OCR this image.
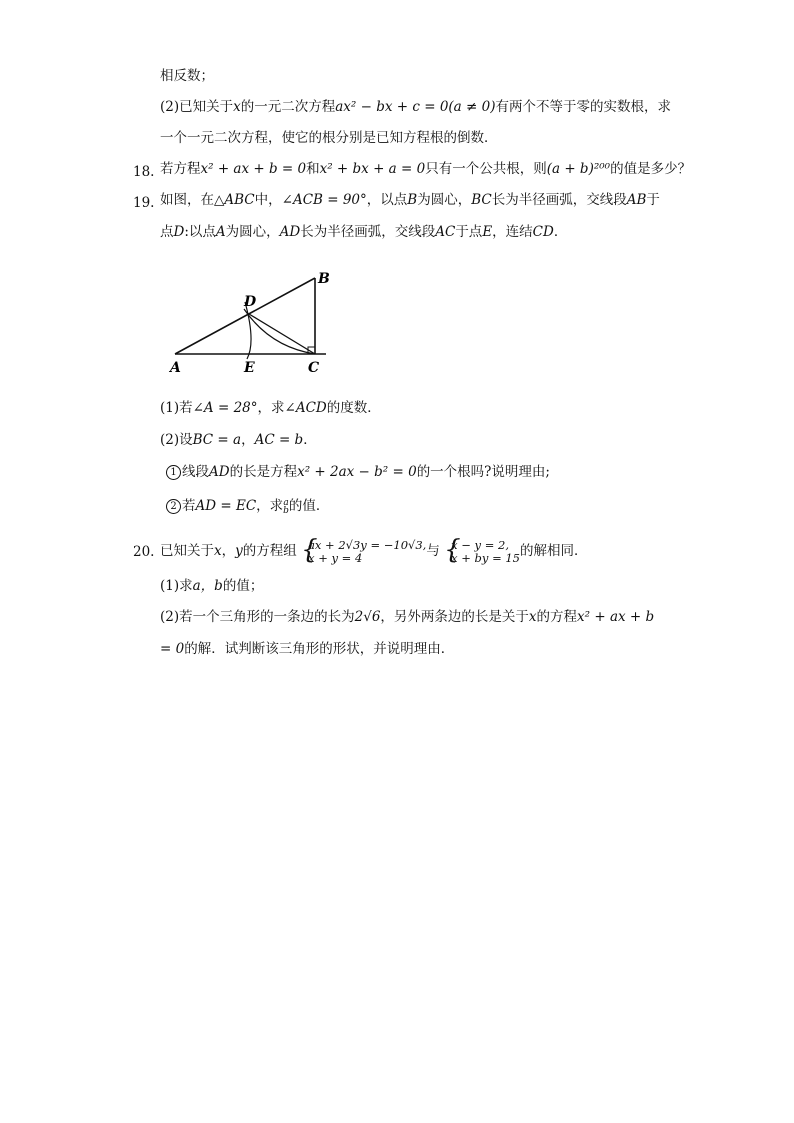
相反数；
(2)已知关于x的一元二次方程ax² − bx + c = 0(a ≠ 0)有两个不等于零的实数根，求
一个一元二次方程，使它的根分别是已知方程根的倒数．
18. 若方程x² + ax + b = 0和x² + bx + a = 0只有一个公共根，则(a + b)²⁰⁰的值是多少？
19. 如图，在△ABC中，∠ACB = 90°，以点B为圆心，BC长为半径画弧，交线段AB于
点D:以点A为圆心，AD长为半径画弧，交线段AC于点E，连结CD．
B
D
A	E	C
(1)若∠A = 28°，求∠ACD的度数．
(2)设BC = a，AC = b．
1 线段AD的长是方程x² + 2ax − b² = 0的一个根吗?说明理由;
2 若AD = EC，求 a
b 的值．
20. 已知关于x，y的方程组 {
ax + 2√3y = −10√3,
x + y = 4	与 {
x − y = 2,
x + by = 15 的解相同．
(1)求a，b的值；
(2)若一个三角形的一条边的长为2√6，另外两条边的长是关于x的方程x² + ax + b
= 0的解．试判断该三角形的形状，并说明理由．
